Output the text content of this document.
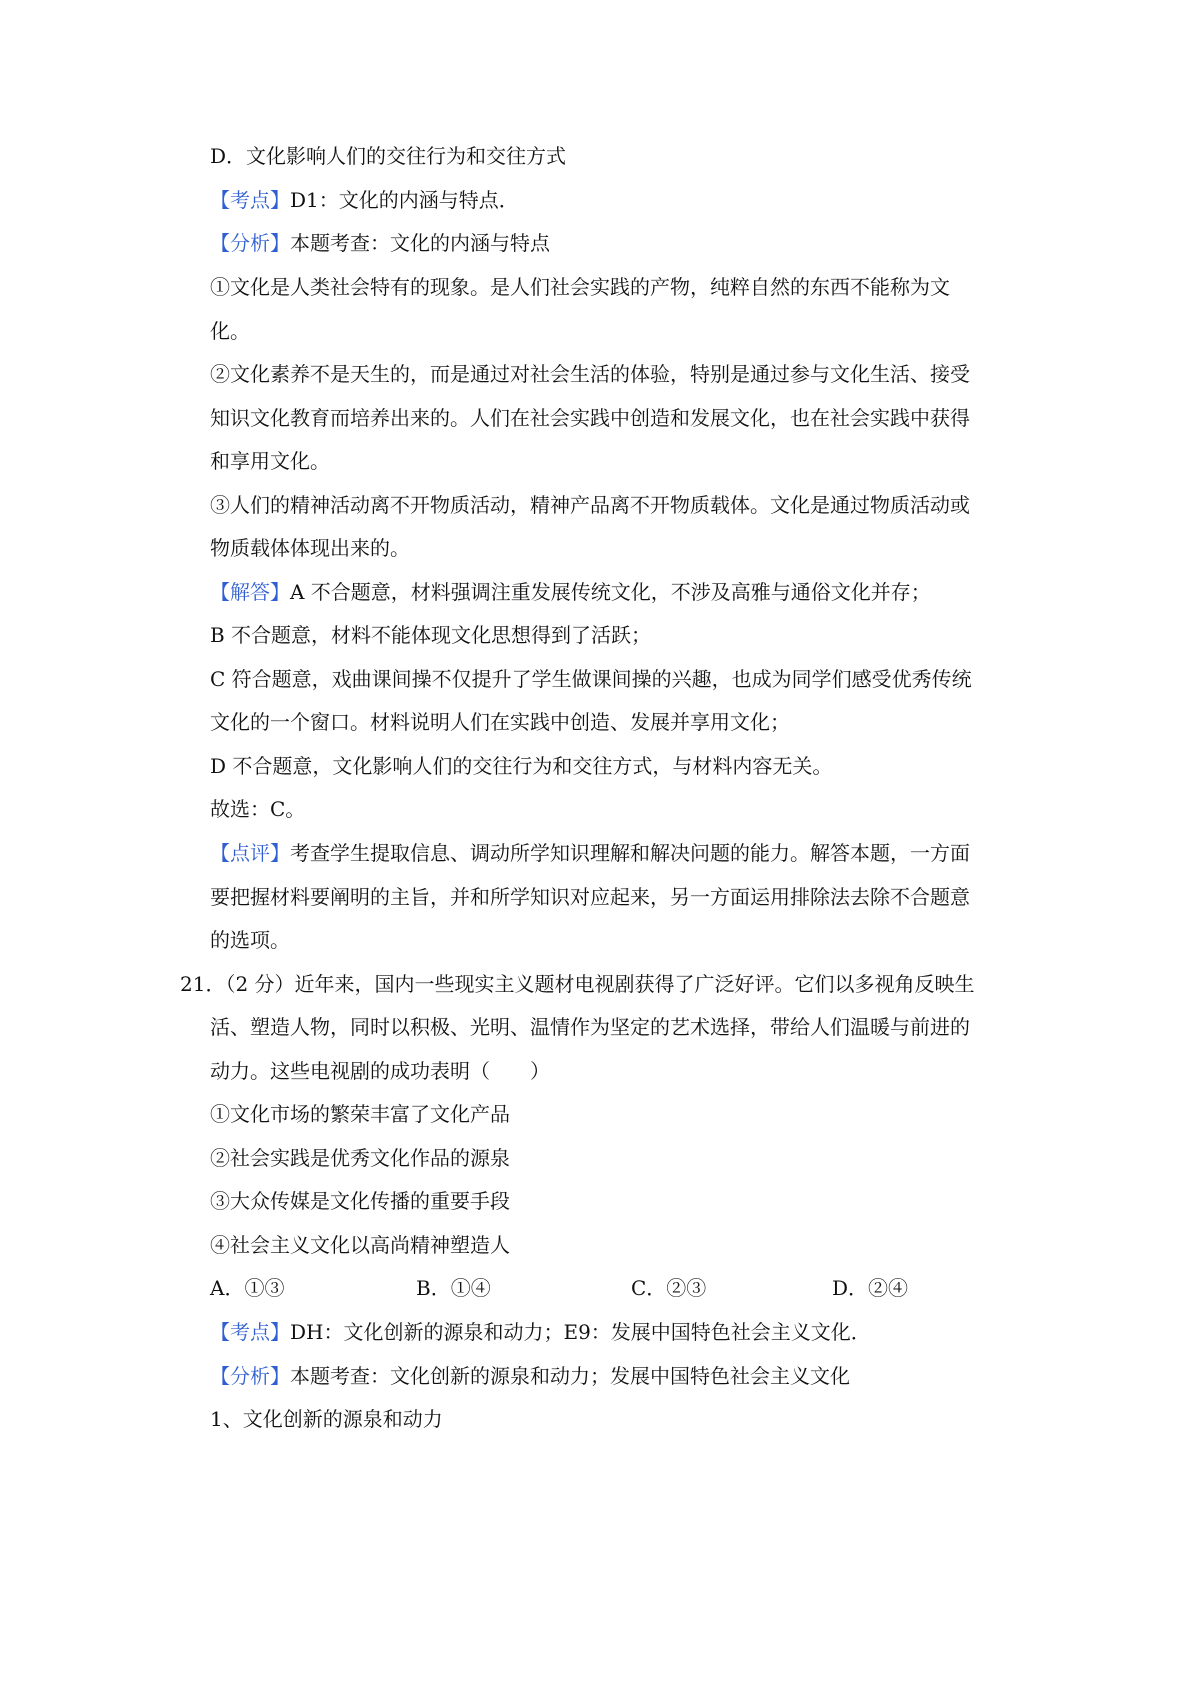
D．文化影响人们的交往行为和交往方式
【考点】D1：文化的内涵与特点．
【分析】本题考查：文化的内涵与特点
①文化是人类社会特有的现象。是人们社会实践的产物，纯粹自然的东西不能称为文
化。
②文化素养不是天生的，而是通过对社会生活的体验，特别是通过参与文化生活、接受
知识文化教育而培养出来的。人们在社会实践中创造和发展文化，也在社会实践中获得
和享用文化。
③人们的精神活动离不开物质活动，精神产品离不开物质载体。文化是通过物质活动或
物质载体体现出来的。
【解答】A 不合题意，材料强调注重发展传统文化，不涉及高雅与通俗文化并存；
B 不合题意，材料不能体现文化思想得到了活跃；
C 符合题意，戏曲课间操不仅提升了学生做课间操的兴趣，也成为同学们感受优秀传统
文化的一个窗口。材料说明人们在实践中创造、发展并享用文化；
D 不合题意，文化影响人们的交往行为和交往方式，与材料内容无关。
故选：C。
【点评】考查学生提取信息、调动所学知识理解和解决问题的能力。解答本题，一方面
要把握材料要阐明的主旨，并和所学知识对应起来，另一方面运用排除法去除不合题意
的选项。
21．（2 分）近年来，国内一些现实主义题材电视剧获得了广泛好评。它们以多视角反映生
活、塑造人物，同时以积极、光明、温情作为坚定的艺术选择，带给人们温暖与前进的
动力。这些电视剧的成功表明（　　）
①文化市场的繁荣丰富了文化产品
②社会实践是优秀文化作品的源泉
③大众传媒是文化传播的重要手段
④社会主义文化以高尚精神塑造人
A．①③	B．①④	C．②③	D．②④
【考点】DH：文化创新的源泉和动力；E9：发展中国特色社会主义文化．
【分析】本题考查：文化创新的源泉和动力；发展中国特色社会主义文化
1、文化创新的源泉和动力
